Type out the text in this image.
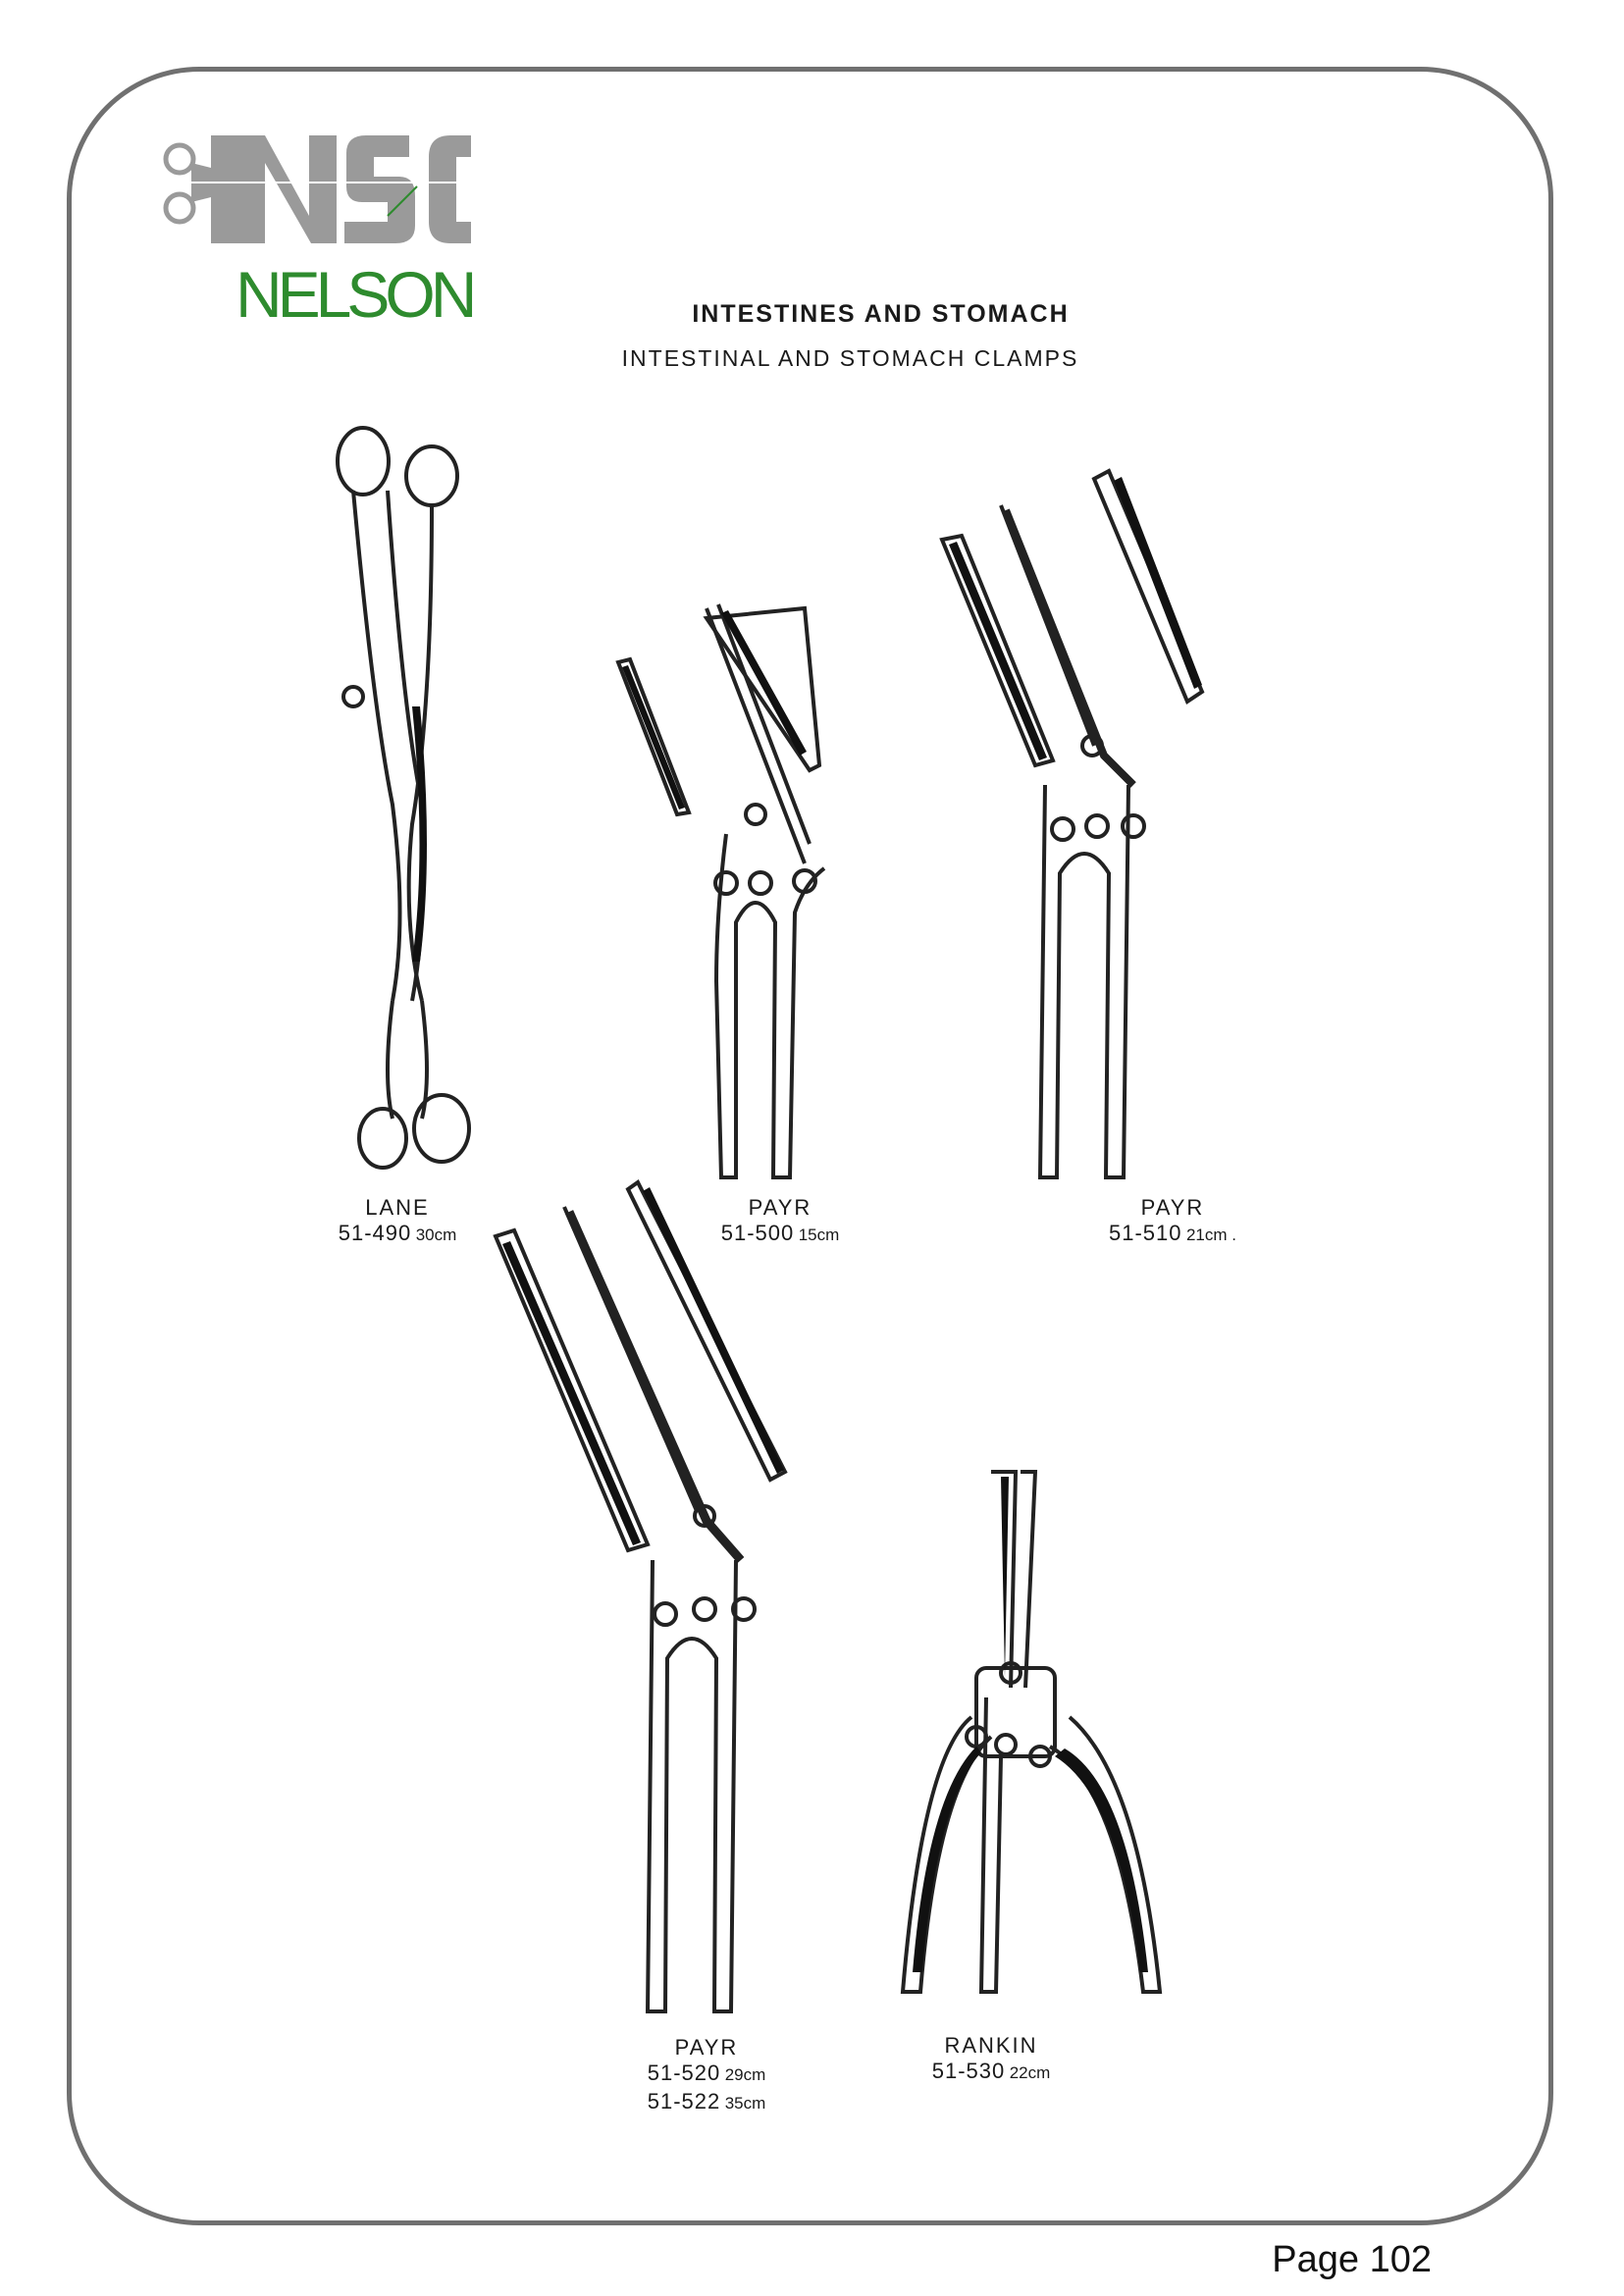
NELSON	INTESTINES AND STOMACH
INTESTINAL AND STOMACH CLAMPS
LANE
51-490 30cm
PAYR
51-500 15cm
PAYR
51-510 21cm .
PAYR
51-520 29cm
51-522 35cm
RANKIN
51-530 22cm
Page 102
